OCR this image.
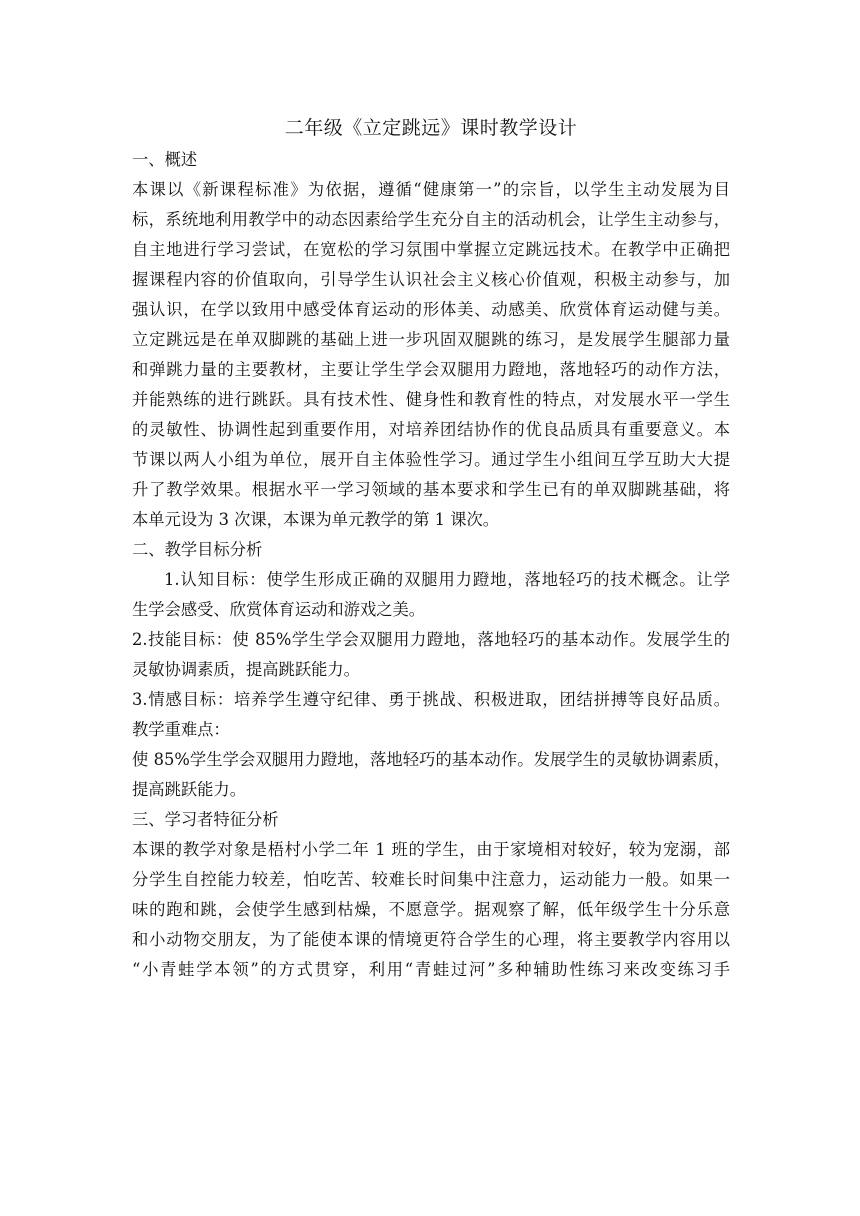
二年级《立定跳远》课时教学设计
一、概述
本课以《新课程标准》为依据，遵循“健康第一”的宗旨，以学生主动发展为目
标，系统地利用教学中的动态因素给学生充分自主的活动机会，让学生主动参与，
自主地进行学习尝试，在宽松的学习氛围中掌握立定跳远技术。在教学中正确把
握课程内容的价值取向，引导学生认识社会主义核心价值观，积极主动参与，加
强认识，在学以致用中感受体育运动的形体美、动感美、欣赏体育运动健与美。
立定跳远是在单双脚跳的基础上进一步巩固双腿跳的练习，是发展学生腿部力量
和弹跳力量的主要教材，主要让学生学会双腿用力蹬地，落地轻巧的动作方法，
并能熟练的进行跳跃。具有技术性、健身性和教育性的特点，对发展水平一学生
的灵敏性、协调性起到重要作用，对培养团结协作的优良品质具有重要意义。本
节课以两人小组为单位，展开自主体验性学习。通过学生小组间互学互助大大提
升了教学效果。根据水平一学习领域的基本要求和学生已有的单双脚跳基础，将
本单元设为 3 次课，本课为单元教学的第 1 课次。
二、教学目标分析
1.认知目标：使学生形成正确的双腿用力蹬地，落地轻巧的技术概念。让学
生学会感受、欣赏体育运动和游戏之美。
2.技能目标：使 85%学生学会双腿用力蹬地，落地轻巧的基本动作。发展学生的
灵敏协调素质，提高跳跃能力。
3.情感目标：培养学生遵守纪律、勇于挑战、积极进取，团结拼搏等良好品质。
教学重难点：
使 85%学生学会双腿用力蹬地，落地轻巧的基本动作。发展学生的灵敏协调素质，
提高跳跃能力。
三、学习者特征分析
本课的教学对象是梧村小学二年 1 班的学生，由于家境相对较好，较为宠溺，部
分学生自控能力较差，怕吃苦、较难长时间集中注意力，运动能力一般。如果一
味的跑和跳，会使学生感到枯燥，不愿意学。据观察了解，低年级学生十分乐意
和小动物交朋友，为了能使本课的情境更符合学生的心理，将主要教学内容用以
“小青蛙学本领”的方式贯穿，利用“青蛙过河”多种辅助性练习来改变练习手
